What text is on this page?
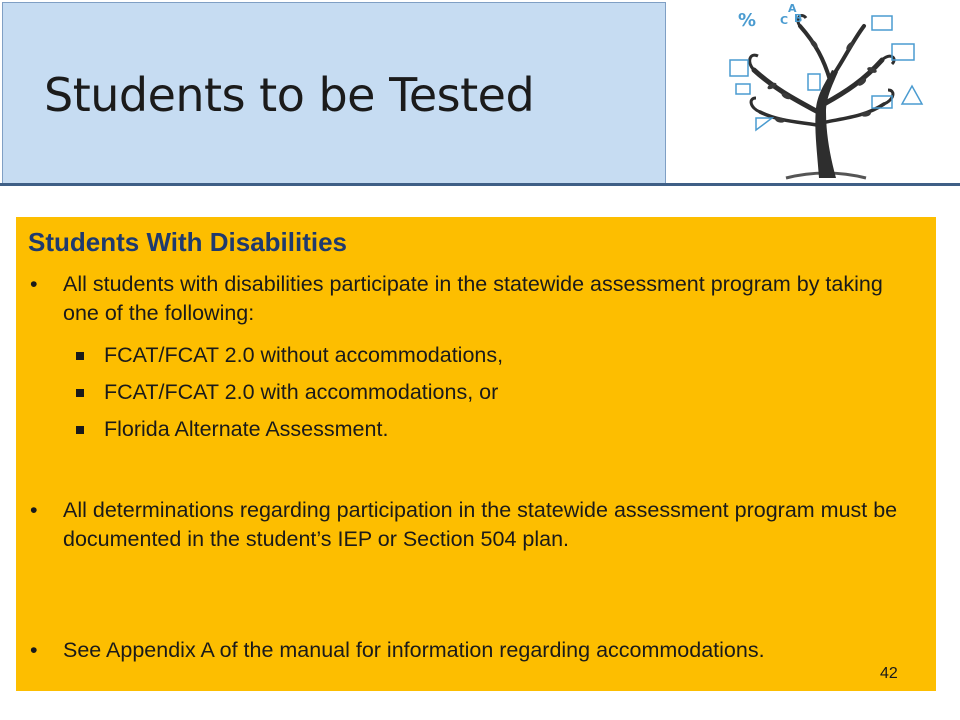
Students to be Tested
%
A
C B
Students With Disabilities
• All students with disabilities participate in the statewide assessment program by taking one of the following:
FCAT/FCAT 2.0 without accommodations,
FCAT/FCAT 2.0 with accommodations, or
Florida Alternate Assessment.
• All determinations regarding participation in the statewide assessment program must be documented in the student’s IEP or Section 504 plan.
• See Appendix A of the manual for information regarding accommodations.
42
